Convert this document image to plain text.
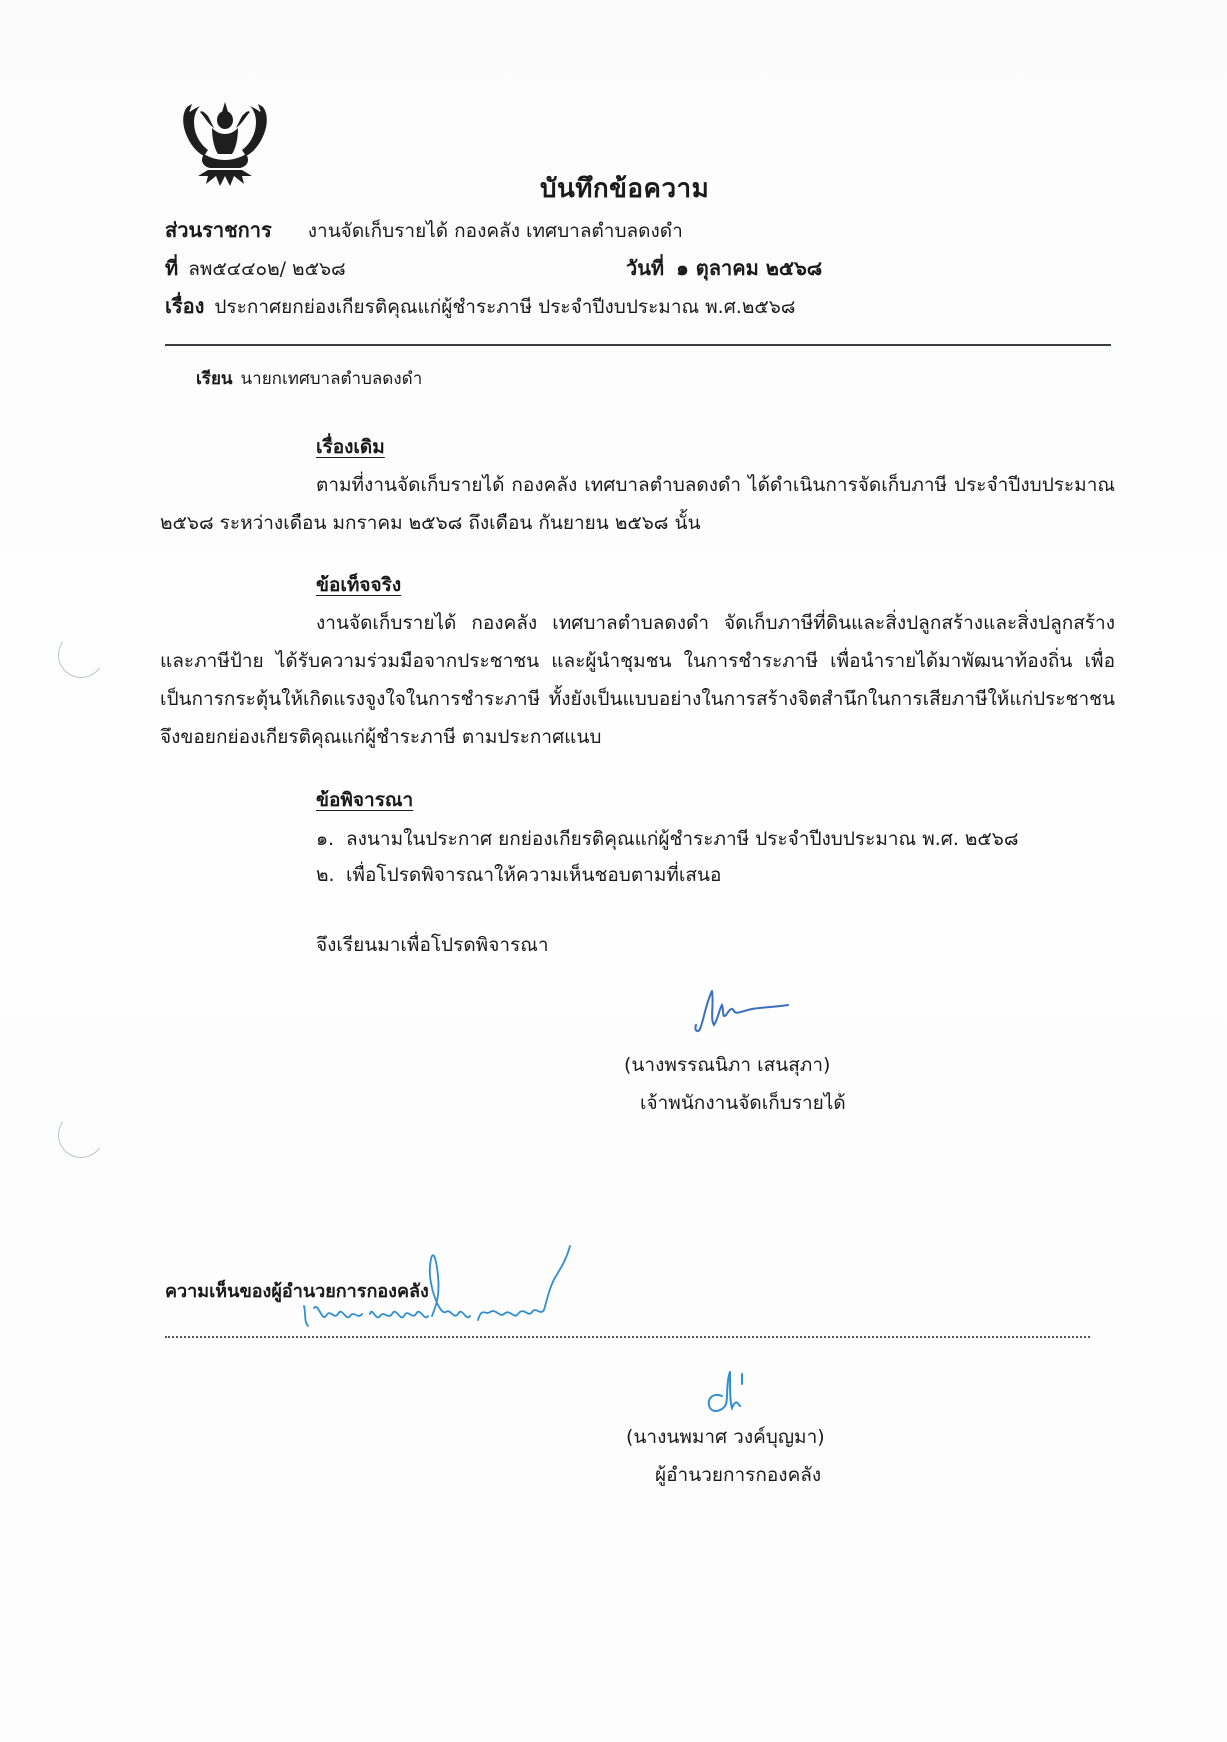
บันทึกข้อความ
ส่วนราชการ งานจัดเก็บรายได้ กองคลัง เทศบาลตำบลดงดำ
ที่ ลพ๕๔๔๐๒/ ๒๕๖๘	วันที่ ๑ ตุลาคม ๒๕๖๘
เรื่อง ประกาศยกย่องเกียรติคุณแก่ผู้ชำระภาษี ประจำปีงบประมาณ พ.ศ.๒๕๖๘
เรียน นายกเทศบาลตำบลดงดำ
เรื่องเดิม
ตามที่งานจัดเก็บรายได้ กองคลัง เทศบาลตำบลดงดำ ได้ดำเนินการจัดเก็บภาษี ประจำปีงบประมาณ ๒๕๖๘ ระหว่างเดือน มกราคม ๒๕๖๘ ถึงเดือน กันยายน ๒๕๖๘ นั้น
ข้อเท็จจริง
งานจัดเก็บรายได้ กองคลัง เทศบาลตำบลดงดำ จัดเก็บภาษีที่ดินและสิ่งปลูกสร้างและสิ่งปลูกสร้าง และภาษีป้าย ได้รับความร่วมมือจากประชาชน และผู้นำชุมชน ในการชำระภาษี เพื่อนำรายได้มาพัฒนาท้องถิ่น เพื่อเป็นการกระตุ้นให้เกิดแรงจูงใจในการชำระภาษี ทั้งยังเป็นแบบอย่างในการสร้างจิตสำนึกในการเสียภาษีให้แก่ประชาชน จึงขอยกย่องเกียรติคุณแก่ผู้ชำระภาษี ตามประกาศแนบ
ข้อพิจารณา
๑. ลงนามในประกาศ ยกย่องเกียรติคุณแก่ผู้ชำระภาษี ประจำปีงบประมาณ พ.ศ. ๒๕๖๘
๒. เพื่อโปรดพิจารณาให้ความเห็นชอบตามที่เสนอ
จึงเรียนมาเพื่อโปรดพิจารณา
(นางพรรณนิภา เสนสุภา)
เจ้าพนักงานจัดเก็บรายได้
ความเห็นของผู้อำนวยการกองคลัง
(นางนพมาศ วงค์บุญมา)
ผู้อำนวยการกองคลัง
